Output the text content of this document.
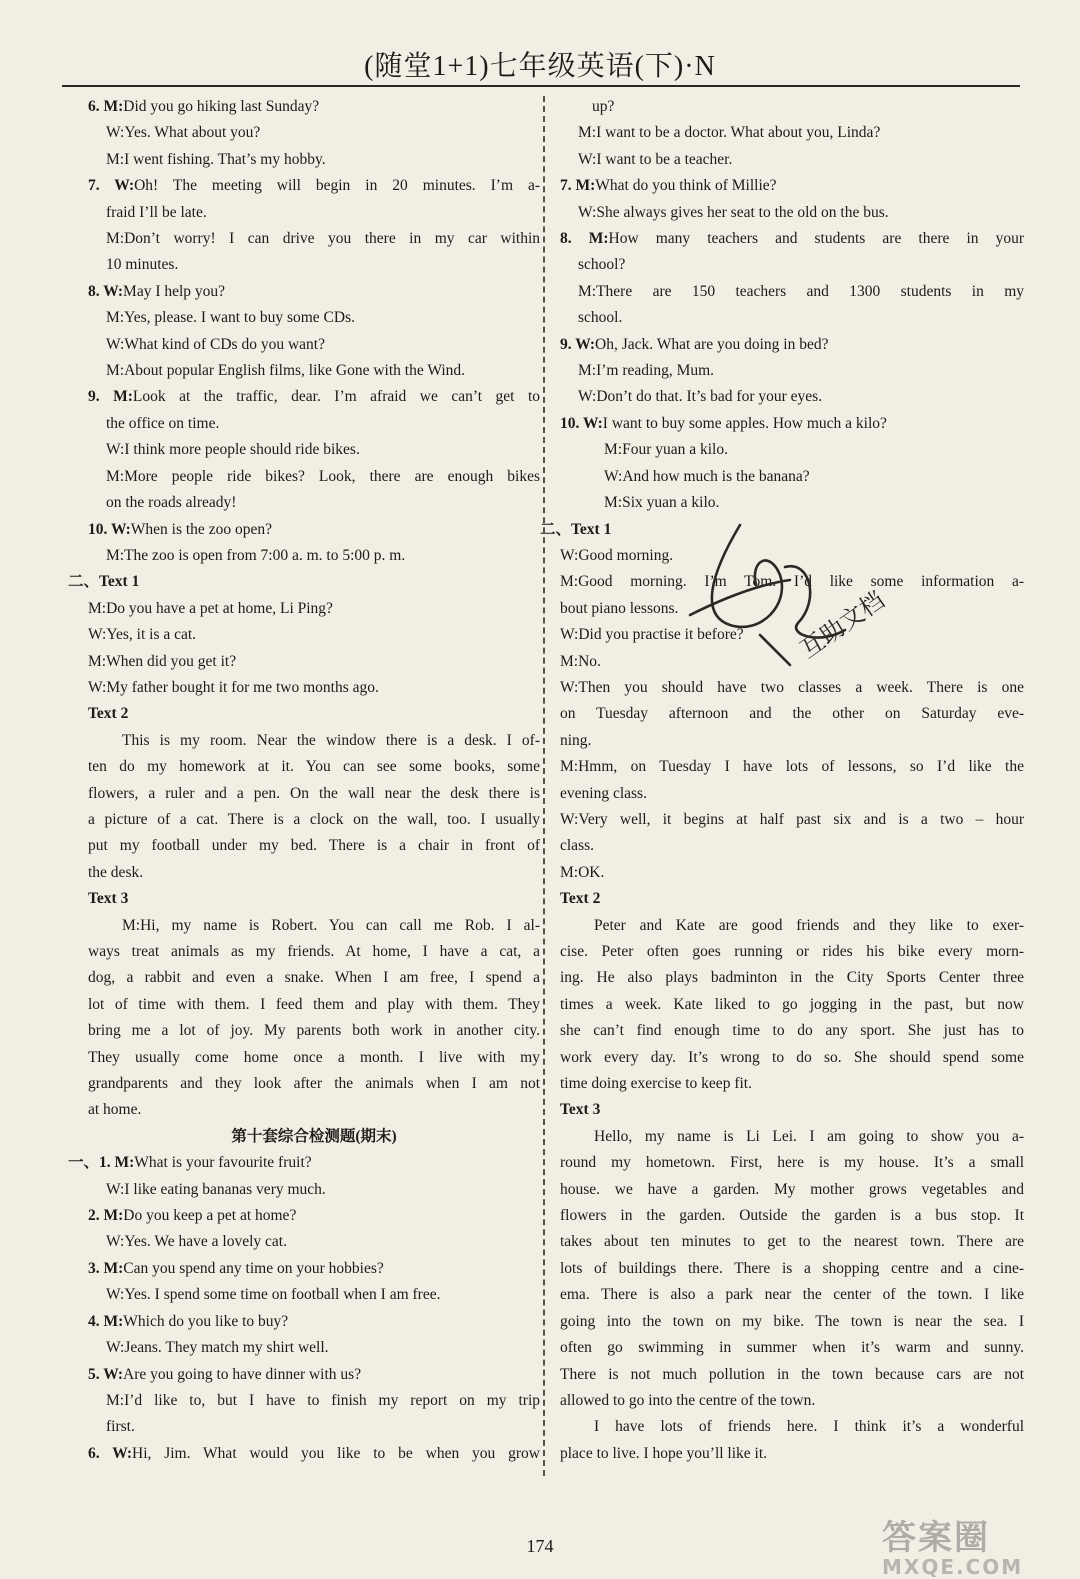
(随堂1+1)七年级英语(下)·N

6. M:Did you go hiking last Sunday?

W:Yes. What about you?

M:I went fishing. That’s my hobby.

7. W:Oh! The meeting will begin in 20 minutes. I’m a-

fraid I’ll be late.

M:Don’t worry! I can drive you there in my car within

10 minutes.

8. W:May I help you?

M:Yes, please. I want to buy some CDs.

W:What kind of CDs do you want?

M:About popular English films, like Gone with the Wind.

9. M:Look at the traffic, dear. I’m afraid we can’t get to

the office on time.

W:I think more people should ride bikes.

M:More people ride bikes? Look, there are enough bikes

on the roads already!

10. W:When is the zoo open?

M:The zoo is open from 7:00 a. m. to 5:00 p. m.

二、Text 1

M:Do you have a pet at home, Li Ping?

W:Yes, it is a cat.

M:When did you get it?

W:My father bought it for me two months ago.

Text 2

This is my room. Near the window there is a desk. I of-

ten do my homework at it. You can see some books, some

flowers, a ruler and a pen. On the wall near the desk there is

a picture of a cat. There is a clock on the wall, too. I usually

put my football under my bed. There is a chair in front of

the desk.

Text 3

M:Hi, my name is Robert. You can call me Rob. I al-

ways treat animals as my friends. At home, I have a cat, a

dog, a rabbit and even a snake. When I am free, I spend a

lot of time with them. I feed them and play with them. They

bring me a lot of joy. My parents both work in another city.

They usually come home once a month. I live with my

grandparents and they look after the animals when I am not

at home.

第十套综合检测题(期末)

一、1. M:What is your favourite fruit?

W:I like eating bananas very much.

2. M:Do you keep a pet at home?

W:Yes. We have a lovely cat.

3. M:Can you spend any time on your hobbies?

W:Yes. I spend some time on football when I am free.

4. M:Which do you like to buy?

W:Jeans. They match my shirt well.

5. W:Are you going to have dinner with us?

M:I’d like to, but I have to finish my report on my trip

first.

6. W:Hi, Jim. What would you like to be when you grow

up?

M:I want to be a doctor. What about you, Linda?

W:I want to be a teacher.

7. M:What do you think of Millie?

W:She always gives her seat to the old on the bus.

8. M:How many teachers and students are there in your

school?

M:There are 150 teachers and 1300 students in my

school.

9. W:Oh, Jack. What are you doing in bed?

M:I’m reading, Mum.

W:Don’t do that. It’s bad for your eyes.

10. W:I want to buy some apples. How much a kilo?

M:Four yuan a kilo.

W:And how much is the banana?

M:Six yuan a kilo.

二、Text 1

W:Good morning.

M:Good morning. I’m Tom. I’d like some information a-

bout piano lessons.

W:Did you practise it before?

M:No.

W:Then you should have two classes a week. There is one

on Tuesday afternoon and the other on Saturday eve-

ning.

M:Hmm, on Tuesday I have lots of lessons, so I’d like the

evening class.

W:Very well, it begins at half past six and is a two – hour

class.

M:OK.

Text 2

Peter and Kate are good friends and they like to exer-

cise. Peter often goes running or rides his bike every morn-

ing. He also plays badminton in the City Sports Center three

times a week. Kate liked to go jogging in the past, but now

she can’t find enough time to do any sport. She just has to

work every day. It’s wrong to do so. She should spend some

time doing exercise to keep fit.

Text 3

Hello, my name is Li Lei. I am going to show you a-

round my hometown. First, here is my house. It’s a small

house. we have a garden. My mother grows vegetables and

flowers in the garden. Outside the garden is a bus stop. It

takes about ten minutes to get to the nearest town. There are

lots of buildings there. There is a shopping centre and a cine-

ema. There is also a park near the center of the town. I like

going into the town on my bike. The town is near the sea. I

often go swimming in summer when it’s warm and sunny.

There is not much pollution in the town because cars are not

allowed to go into the centre of the town.

I have lots of friends here. I think it’s a wonderful

place to live. I hope you’ll like it.

互助文档
174	答案圈
MXQE.COM
